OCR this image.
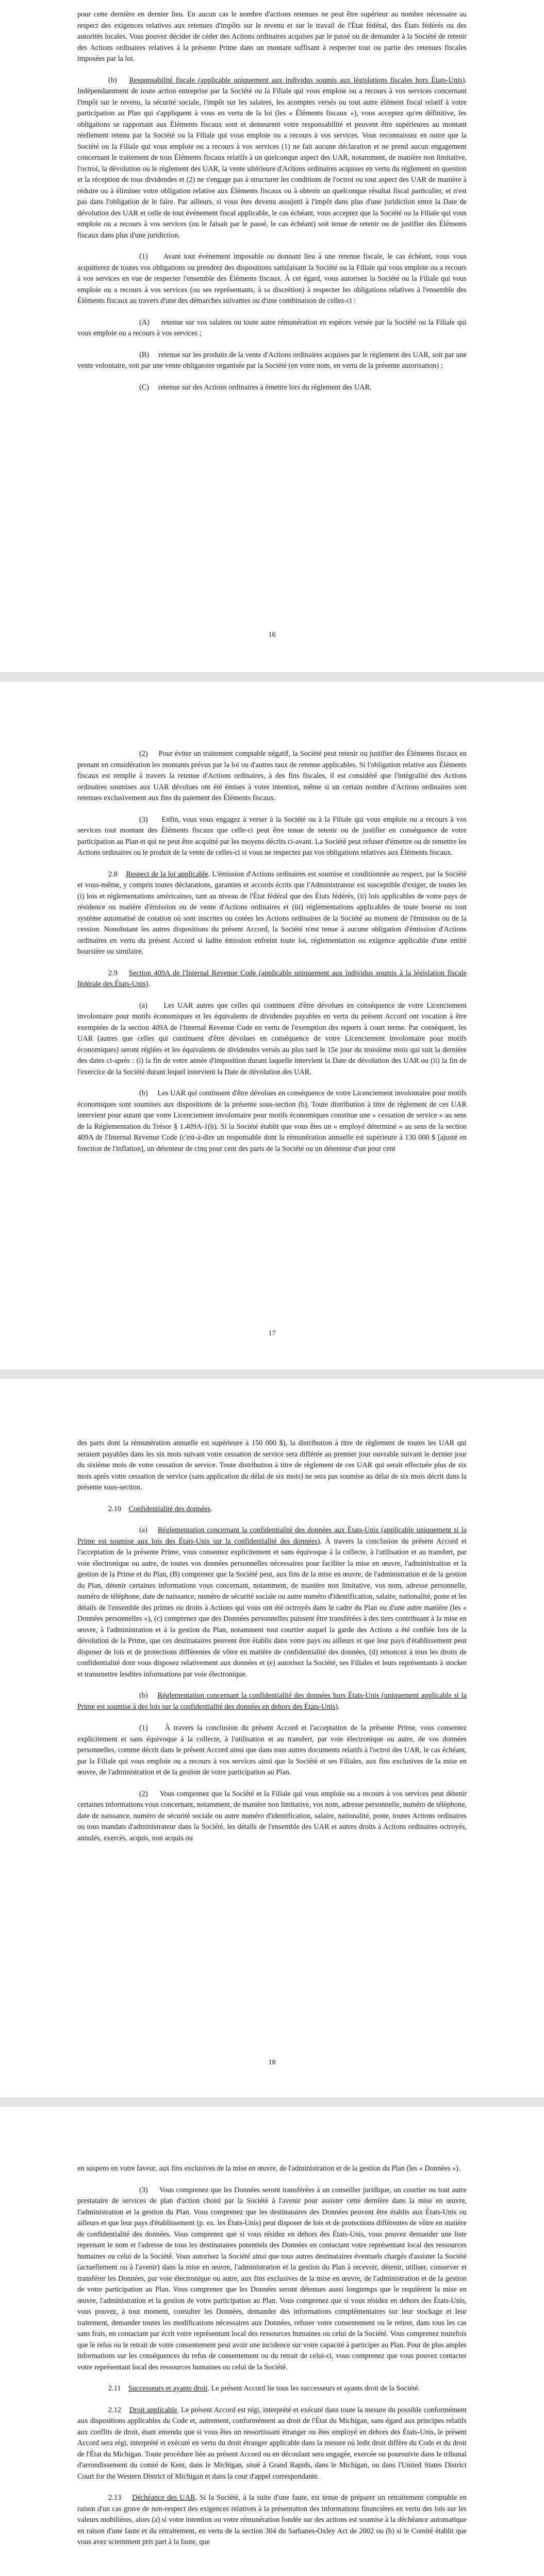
pour cette dernière en dernier lieu. En aucun cas le nombre d'actions retenues ne peut être supérieur au nombre nécessaire au respect des exigences relatives aux retenues d'impôts sur le revenu et sur le travail de l'État fédéral, des États fédérés ou des autorités locales. Vous pouvez décider de céder des Actions ordinaires acquises par le passé ou de demander à la Société de retenir des Actions ordinaires relatives à la présente Prime dans un montant suffisant à respecter tout ou partie des retenues fiscales imposées par la loi.

(b) Responsabilité fiscale (applicable uniquement aux individus soumis aux législations fiscales hors États-Unis). Indépendamment de toute action entreprise par la Société ou la Filiale qui vous emploie ou a recours à vos services concernant l'impôt sur le revenu, la sécurité sociale, l'impôt sur les salaires, les acomptes versés ou tout autre élément fiscal relatif à votre participation au Plan qui s'appliquent à vous en vertu de la loi (les « Éléments fiscaux »), vous acceptez qu'en définitive, les obligations se rapportant aux Éléments fiscaux sont et demeurent votre responsabilité et peuvent être supérieures au montant réellement retenu par la Société ou la Filiale qui vous emploie ou a recours à vos services. Vous reconnaissez en outre que la Société ou la Filiale qui vous emploie ou a recours à vos services (1) ne fait aucune déclaration et ne prend aucun engagement concernant le traitement de tous Éléments fiscaux relatifs à un quelconque aspect des UAR, notamment, de manière non limitative, l'octroi, la dévolution ou le règlement des UAR, la vente ultérieure d'Actions ordinaires acquises en vertu du règlement en question et la réception de tous dividendes et (2) ne s'engage pas à structurer les conditions de l'octroi ou tout aspect des UAR de manière à réduire ou à éliminer votre obligation relative aux Éléments fiscaux ou à obtenir un quelconque résultat fiscal particulier, et n'est pas dans l'obligation de le faire. Par ailleurs, si vous êtes devenu assujetti à l'impôt dans plus d'une juridiction entre la Date de dévolution des UAR et celle de tout événement fiscal applicable, le cas échéant, vous acceptez que la Société ou la Filiale qui vous emploie ou a recours à vos services (ou le faisait par le passé, le cas échéant) soit tenue de retenir ou de justifier des Éléments fiscaux dans plus d'une juridiction.

(1) Avant tout événement imposable ou donnant lieu à une retenue fiscale, le cas échéant, vous vous acquitterez de toutes vos obligations ou prendrez des dispositions satisfaisant la Société ou la Filiale qui vous emploie ou a recours à vos services en vue de respecter l'ensemble des Éléments fiscaux. À cet égard, vous autorisez la Société ou la Filiale qui vous emploie ou a recours à vos services (ou ses représentants, à sa discrétion) à respecter les obligations relatives à l'ensemble des Éléments fiscaux au travers d'une des démarches suivantes ou d'une combinaison de celles-ci :

(A) retenue sur vos salaires ou toute autre rémunération en espèces versée par la Société ou la Filiale qui vous emploie ou a recours à vos services ;

(B) retenue sur les produits de la vente d'Actions ordinaires acquises par le règlement des UAR, soit par une vente volontaire, soit par une vente obligatoire organisée par la Société (en votre nom, en vertu de la présente autorisation) ;

(C) retenue sur des Actions ordinaires à émettre lors du règlement des UAR.

16

(2) Pour éviter un traitement comptable négatif, la Société peut retenir ou justifier des Éléments fiscaux en prenant en considération les montants prévus par la loi ou d'autres taux de retenue applicables. Si l'obligation relative aux Éléments fiscaux est remplie à travers la retenue d'Actions ordinaires, à des fins fiscales, il est considéré que l'intégralité des Actions ordinaires soumises aux UAR dévolues ont été émises à votre intention, même si un certain nombre d'Actions ordinaires sont retenues exclusivement aux fins du paiement des Éléments fiscaux.

(3) Enfin, vous vous engagez à verser à la Société ou à la Filiale qui vous emploie ou a recours à vos services tout montant des Éléments fiscaux que celle-ci peut être tenue de retenir ou de justifier en conséquence de votre participation au Plan et qui ne peut être acquitté par les moyens décrits ci-avant. La Société peut refuser d'émettre ou de remettre les Actions ordinaires ou le produit de la vente de celles-ci si vous ne respectez pas vos obligations relatives aux Éléments fiscaux.

2.8 Respect de la loi applicable. L'émission d'Actions ordinaires est soumise et conditionnée au respect, par la Société et vous-même, y compris toutes déclarations, garanties et accords écrits que l'Administrateur est susceptible d'exiger, de toutes les (i) lois et réglementations américaines, tant au niveau de l'État fédéral que des États fédérés, (ii) lois applicables de votre pays de résidence ou matière d'émission ou de vente d'Actions ordinaires et (iii) réglementations applicables de toute bourse ou tout système automatisé de cotation où sont inscrites ou cotées les Actions ordinaires de la Société au moment de l'émission ou de la cession. Nonobstant les autres dispositions du présent Accord, la Société n'est tenue à aucune obligation d'émission d'Actions ordinaires en vertu du présent Accord si ladite émission enfreint toute loi, réglementation ou exigence applicable d'une entité boursière ou similaire.

2.9 Section 409A de l'Internal Revenue Code (applicable uniquement aux individus soumis à la législation fiscale fédérale des États-Unis).

(a) Les UAR autres que celles qui continuent d'être dévolues en conséquence de votre Licenciement involontaire pour motifs économiques et les équivalents de dividendes payables en vertu du présent Accord ont vocation à être exemptées de la section 409A de l'Internal Revenue Code en vertu de l'exemption des reports à court terme. Par conséquent, les UAR (autres que celles qui continuent d'être dévolues en conséquence de votre Licenciement involontaire pour motifs économiques) seront réglées et les équivalents de dividendes versés au plus tard le 15e jour du troisième mois qui suit la dernière des dates ci-après : (i) la fin de votre année d'imposition durant laquelle intervient la Date de dévolution des UAR ou (ii) la fin de l'exercice de la Société durant lequel intervient la Date de dévolution des UAR.

(b) Les UAR qui continuent d'être dévolues en conséquence de votre Licenciement involontaire pour motifs économiques sont soumises aux dispositions de la présente sous-section (b). Toute distribution à titre de règlement de ces UAR intervient pour autant que votre Licenciement involontaire pour motifs économiques constitue une « cessation de service » au sens de la Réglementation du Trésor § 1.409A-1(h). Si la Société établit que vous êtes un « employé déterminé » au sens de la section 409A de l'Internal Revenue Code (c'est-à-dire un responsable dont la rémunération annuelle est supérieure à 130 000 $ [ajusté en fonction de l'inflation], un détenteur de cinq pour cent des parts de la Société ou un détenteur d'un pour cent

17

des parts dont la rémunération annuelle est supérieure à 150 000 $), la distribution à titre de règlement de toutes les UAR qui seraient payables dans les six mois suivant votre cessation de service sera différée au premier jour ouvrable suivant le dernier jour du sixième mois de votre cessation de service. Toute distribution à titre de règlement de ces UAR qui serait effectuée plus de six mois après votre cessation de service (sans application du délai de six mois) ne sera pas soumise au délai de six mois décrit dans la présente sous-section.

2.10 Confidentialité des données.

(a) Réglementation concernant la confidentialité des données aux États-Unis (applicable uniquement si la Prime est soumise aux lois des États-Unis sur la confidentialité des données). À travers la conclusion du présent Accord et l'acceptation de la présente Prime, vous consentez explicitement et sans équivoque à la collecte, à l'utilisation et au transfert, par voie électronique ou autre, de toutes vos données personnelles nécessaires pour faciliter la mise en œuvre, l'administration et la gestion de la Prime et du Plan, (B) comprenez que la Société peut, aux fins de la mise en œuvre, de l'administration et de la gestion du Plan, détenir certaines informations vous concernant, notamment, de manière non limitative, vos nom, adresse personnelle, numéro de téléphone, date de naissance, numéro de sécurité sociale ou autre numéro d'identification, salaire, nationalité, poste et les détails de l'ensemble des primes ou droits à Actions qui vous ont été octroyés dans le cadre du Plan ou d'une autre manière (les « Données personnelles »), (c) comprenez que des Données personnelles puissent être transférées à des tiers contribuant à la mise en œuvre, à l'administration et à la gestion du Plan, notamment tout courtier auquel la garde des Actions a été confiée lors de la dévolution de la Prime, que ces destinataires peuvent être établis dans votre pays ou ailleurs et que leur pays d'établissement peut disposer de lois et de protections différentes de vôtre en matière de confidentialité des données, (d) renoncez à tous les droits de confidentialité dont vous disposez relativement aux données et (e) autorisez la Société, ses Filiales et leurs représentants à stocker et transmettre lesdites informations par voie électronique.

(b) Réglementation concernant la confidentialité des données hors États-Unis (uniquement applicable si la Prime est soumise à des lois sur la confidentialité des données en dehors des États-Unis).

(1) À travers la conclusion du présent Accord et l'acceptation de la présente Prime, vous consentez explicitement et sans équivoque à la collecte, à l'utilisation et au transfert, par voie électronique ou autre, de vos données personnelles, comme décrit dans le présent Accord ainsi que dans tous autres documents relatifs à l'octroi des UAR, le cas échéant, par la Filiale qui vous emploie ou a recours à vos services ainsi que la Société et ses Filiales, aux fins exclusives de la mise en œuvre, de l'administration et de la gestion de votre participation au Plan.

(2) Vous comprenez que la Société et la Filiale qui vous emploie ou a recours à vos services peut détenir certaines informations vous concernant, notamment, de manière non limitative, vos nom, adresse personnelle, numéro de téléphone, date de naissance, numéro de sécurité sociale ou autre numéro d'identification, salaire, nationalité, poste, toutes Actions ordinaires ou tous mandats d'administrateur dans la Société, les détails de l'ensemble des UAR et autres droits à Actions ordinaires octroyés, annulés, exercés, acquis, non acquis ou

18

en suspens en votre faveur, aux fins exclusives de la mise en œuvre, de l'administration et de la gestion du Plan (les « Données »).

(3) Vous comprenez que les Données seront transférées à un conseiller juridique, un courtier ou tout autre prestataire de services de plan d'action choisi par la Société à l'avenir pour assister cette dernière dans la mise en œuvre, l'administration et la gestion du Plan. Vous comprenez que les destinataires des Données peuvent être établis aux États-Unis ou ailleurs et que leur pays d'établissement (p. ex. les États-Unis) peut disposer de lois et de protections différentes de vôtre en matière de confidentialité des données. Vous comprenez que si vous résidez en dehors des États-Unis, vous pouvez demander une liste reprenant le nom et l'adresse de tous les destinataires potentiels des Données en contactant votre représentant local des ressources humaines ou celui de la Société. Vous autorisez la Société ainsi que tous autres destinataires éventuels chargés d'assister la Société (actuellement ou à l'avenir) dans la mise en œuvre, l'administration et la gestion du Plan à recevoir, détenir, utiliser, conserver et transférer les Données, par voie électronique ou autre, aux fins exclusives de la mise en œuvre, de l'administration et de la gestion de votre participation au Plan. Vous comprenez que les Données seront détenues aussi longtemps que le requièrent la mise en œuvre, l'administration et la gestion de votre participation au Plan. Vous comprenez que si vous résidez en dehors des États-Unis, vous pouvez, à tout moment, consulter les Données, demander des informations complémentaires sur leur stockage et leur traitement, demander toutes les modifications nécessaires aux Données, refuser votre consentement ou le retirer, dans tous les cas sans frais, en contactant par écrit votre représentant local des ressources humaines ou celui de la Société. Vous comprenez toutefois que le refus ou le retrait de votre consentement peut avoir une incidence sur votre capacité à participer au Plan. Pour de plus amples informations sur les conséquences du refus de consentement ou du retrait de celui-ci, vous comprenez que vous pouvez contacter votre représentant local des ressources humaines ou celui de la Société.

2.11 Successeurs et ayants droit. Le présent Accord lie tous les successeurs et ayants droit de la Société.

2.12 Droit applicable. Le présent Accord est régi, interprété et exécuté dans toute la mesure du possible conformément aux dispositions applicables du Code et, autrement, conformément au droit de l'État du Michigan, sans égard aux principes relatifs aux conflits de droit, étant entendu que si vous êtes un ressortissant étranger ou êtes employé en dehors des États-Unis, le présent Accord sera régi, interprété et exécuté en vertu du droit étranger applicable dans la mesure où ledit droit diffère du Code et du droit de l'État du Michigan. Toute procédure liée au présent Accord ou en découlant sera engagée, exercée ou poursuivie dans le tribunal d'arrondissement du comté de Kent, dans le Michigan, situé à Grand Rapids, dans le Michigan, ou dans l'United States District Court for the Western District of Michigan et dans la cour d'appel correspondante.

2.13 Déchéance des UAR. Si la Société, à la suite d'une faute, est tenue de préparer un retraitement comptable en raison d'un cas grave de non-respect des exigences relatives à la présentation des informations financières en vertu des lois sur les valeurs mobilières, alors (a) si votre intention ou votre rémunération fondée sur des actions est soumise à la déchéance automatique en raison d'une faute et du retraitement, en vertu de la section 304 du Sarbanes-Oxley Act de 2002 ou (b) si le Comité établit que vous avez sciemment pris part à la faute, que
